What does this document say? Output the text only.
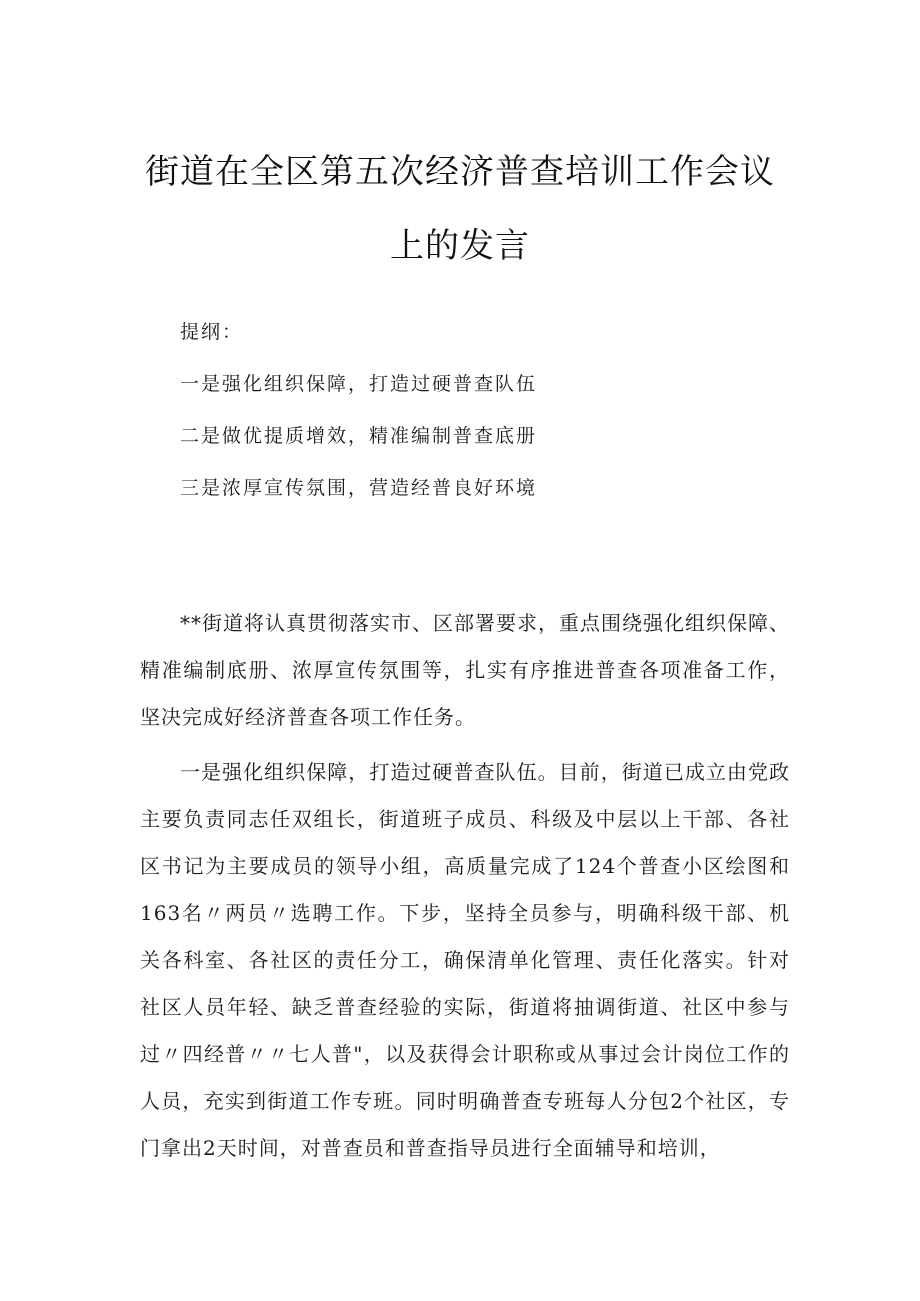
街道在全区第五次经济普查培训工作会议
上的发言
提纲：
一是强化组织保障，打造过硬普查队伍
二是做优提质增效，精准编制普查底册
三是浓厚宣传氛围，营造经普良好环境

**街道将认真贯彻落实市、区部署要求，重点围绕强化组织保障、精准编制底册、浓厚宣传氛围等，扎实有序推进普查各项准备工作，坚决完成好经济普查各项工作任务。

一是强化组织保障，打造过硬普查队伍。目前，街道已成立由党政主要负责同志任双组长，街道班子成员、科级及中层以上干部、各社区书记为主要成员的领导小组，高质量完成了124个普查小区绘图和163名〃两员〃选聘工作。下步，坚持全员参与，明确科级干部、机关各科室、各社区的责任分工，确保清单化管理、责任化落实。针对社区人员年轻、缺乏普查经验的实际，街道将抽调街道、社区中参与过〃四经普〃〃七人普"，以及获得会计职称或从事过会计岗位工作的人员，充实到街道工作专班。同时明确普查专班每人分包2个社区，专门拿出2天时间，对普查员和普查指导员进行全面辅导和培训，
